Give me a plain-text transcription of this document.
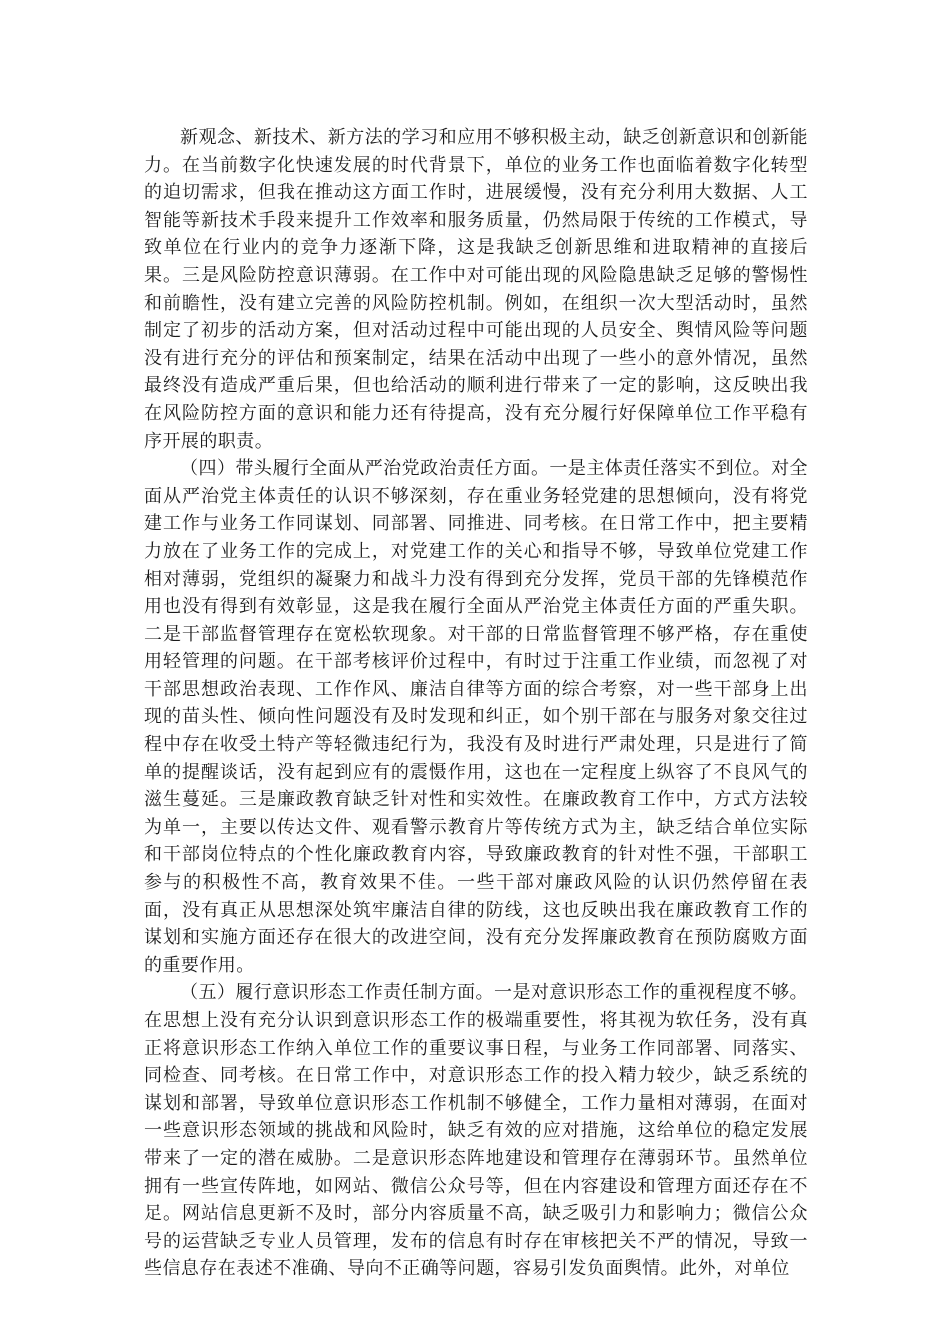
新观念、新技术、新方法的学习和应用不够积极主动，缺乏创新意识和创新能力。在当前数字化快速发展的时代背景下，单位的业务工作也面临着数字化转型的迫切需求，但我在推动这方面工作时，进展缓慢，没有充分利用大数据、人工智能等新技术手段来提升工作效率和服务质量，仍然局限于传统的工作模式，导致单位在行业内的竞争力逐渐下降，这是我缺乏创新思维和进取精神的直接后果。三是风险防控意识薄弱。在工作中对可能出现的风险隐患缺乏足够的警惕性和前瞻性，没有建立完善的风险防控机制。例如，在组织一次大型活动时，虽然制定了初步的活动方案，但对活动过程中可能出现的人员安全、舆情风险等问题没有进行充分的评估和预案制定，结果在活动中出现了一些小的意外情况，虽然最终没有造成严重后果，但也给活动的顺利进行带来了一定的影响，这反映出我在风险防控方面的意识和能力还有待提高，没有充分履行好保障单位工作平稳有序开展的职责。

（四）带头履行全面从严治党政治责任方面。一是主体责任落实不到位。对全面从严治党主体责任的认识不够深刻，存在重业务轻党建的思想倾向，没有将党建工作与业务工作同谋划、同部署、同推进、同考核。在日常工作中，把主要精力放在了业务工作的完成上，对党建工作的关心和指导不够，导致单位党建工作相对薄弱，党组织的凝聚力和战斗力没有得到充分发挥，党员干部的先锋模范作用也没有得到有效彰显，这是我在履行全面从严治党主体责任方面的严重失职。二是干部监督管理存在宽松软现象。对干部的日常监督管理不够严格，存在重使用轻管理的问题。在干部考核评价过程中，有时过于注重工作业绩，而忽视了对干部思想政治表现、工作作风、廉洁自律等方面的综合考察，对一些干部身上出现的苗头性、倾向性问题没有及时发现和纠正，如个别干部在与服务对象交往过程中存在收受土特产等轻微违纪行为，我没有及时进行严肃处理，只是进行了简单的提醒谈话，没有起到应有的震慑作用，这也在一定程度上纵容了不良风气的滋生蔓延。三是廉政教育缺乏针对性和实效性。在廉政教育工作中，方式方法较为单一，主要以传达文件、观看警示教育片等传统方式为主，缺乏结合单位实际和干部岗位特点的个性化廉政教育内容，导致廉政教育的针对性不强，干部职工参与的积极性不高，教育效果不佳。一些干部对廉政风险的认识仍然停留在表面，没有真正从思想深处筑牢廉洁自律的防线，这也反映出我在廉政教育工作的谋划和实施方面还存在很大的改进空间，没有充分发挥廉政教育在预防腐败方面的重要作用。

（五）履行意识形态工作责任制方面。一是对意识形态工作的重视程度不够。在思想上没有充分认识到意识形态工作的极端重要性，将其视为软任务，没有真正将意识形态工作纳入单位工作的重要议事日程，与业务工作同部署、同落实、同检查、同考核。在日常工作中，对意识形态工作的投入精力较少，缺乏系统的谋划和部署，导致单位意识形态工作机制不够健全，工作力量相对薄弱，在面对一些意识形态领域的挑战和风险时，缺乏有效的应对措施，这给单位的稳定发展带来了一定的潜在威胁。二是意识形态阵地建设和管理存在薄弱环节。虽然单位拥有一些宣传阵地，如网站、微信公众号等，但在内容建设和管理方面还存在不足。网站信息更新不及时，部分内容质量不高，缺乏吸引力和影响力；微信公众号的运营缺乏专业人员管理，发布的信息有时存在审核把关不严的情况，导致一些信息存在表述不准确、导向不正确等问题，容易引发负面舆情。此外，对单位
